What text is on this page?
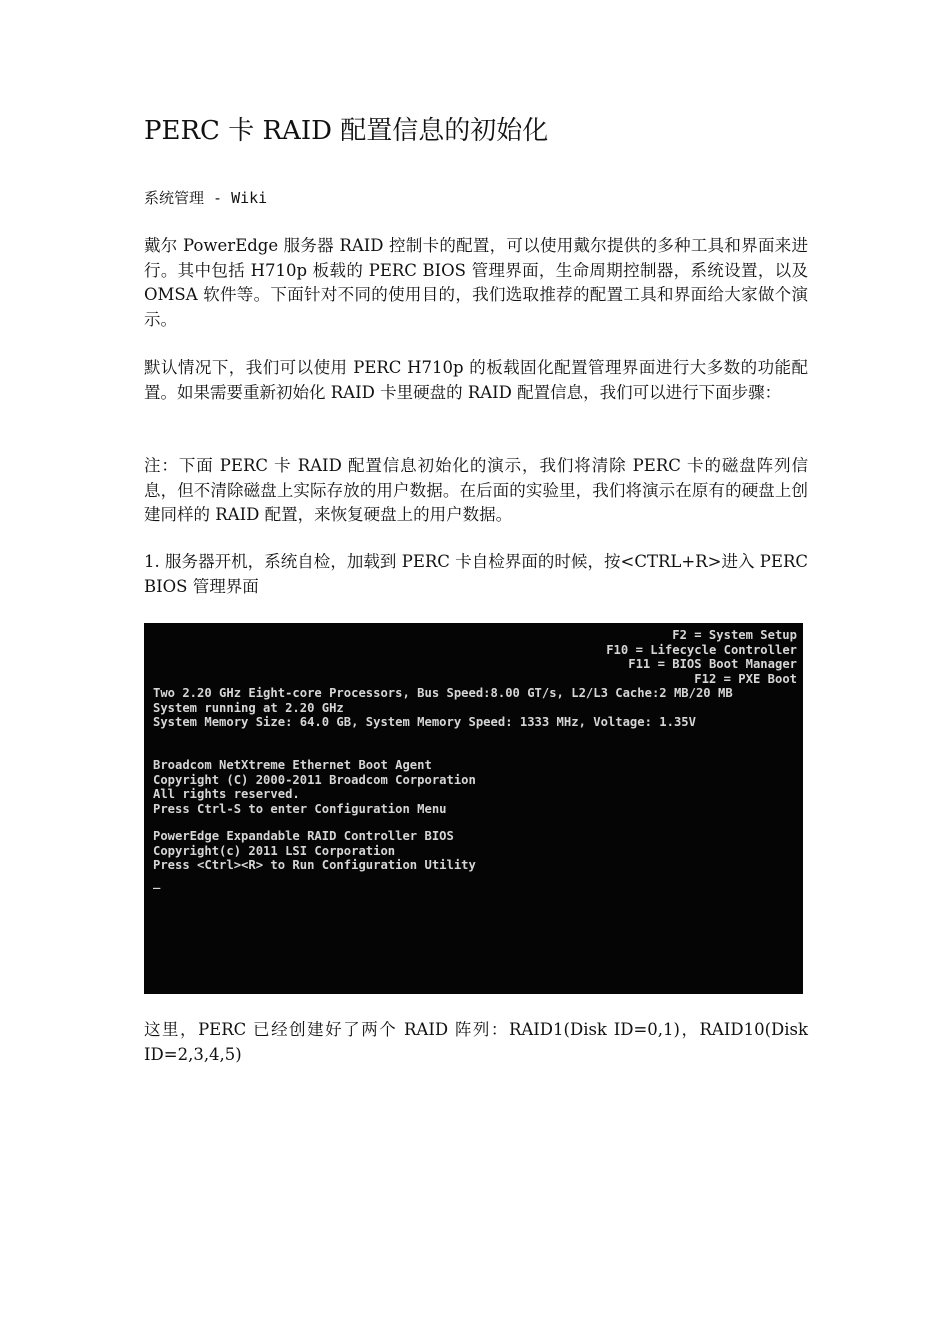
PERC 卡 RAID 配置信息的初始化

系统管理 - Wiki

戴尔 PowerEdge 服务器 RAID 控制卡的配置，可以使用戴尔提供的多种工具和界面来进行。其中包括 H710p 板载的 PERC BIOS 管理界面，生命周期控制器，系统设置，以及 OMSA 软件等。下面针对不同的使用目的，我们选取推荐的配置工具和界面给大家做个演示。

默认情况下，我们可以使用 PERC H710p 的板载固化配置管理界面进行大多数的功能配置。如果需要重新初始化 RAID 卡里硬盘的 RAID 配置信息，我们可以进行下面步骤：

注：下面 PERC 卡 RAID 配置信息初始化的演示，我们将清除 PERC 卡的磁盘阵列信息，但不清除磁盘上实际存放的用户数据。在后面的实验里，我们将演示在原有的硬盘上创建同样的 RAID 配置，来恢复硬盘上的用户数据。

1. 服务器开机，系统自检，加载到 PERC 卡自检界面的时候，按<CTRL+R>进入 PERC BIOS 管理界面

F2 = System Setup
F10 = Lifecycle Controller
F11 = BIOS Boot Manager
F12 = PXE Boot
Two 2.20 GHz Eight-core Processors, Bus Speed:8.00 GT/s, L2/L3 Cache:2 MB/20 MB
System running at 2.20 GHz
System Memory Size: 64.0 GB, System Memory Speed: 1333 MHz, Voltage: 1.35V
Broadcom NetXtreme Ethernet Boot Agent
Copyright (C) 2000-2011 Broadcom Corporation
All rights reserved.
Press Ctrl-S to enter Configuration Menu
PowerEdge Expandable RAID Controller BIOS
Copyright(c) 2011 LSI Corporation
Press <Ctrl><R> to Run Configuration Utility
_

这里，PERC 已经创建好了两个 RAID 阵列：RAID1(Disk ID=0,1)，RAID10(Disk ID=2,3,4,5)
